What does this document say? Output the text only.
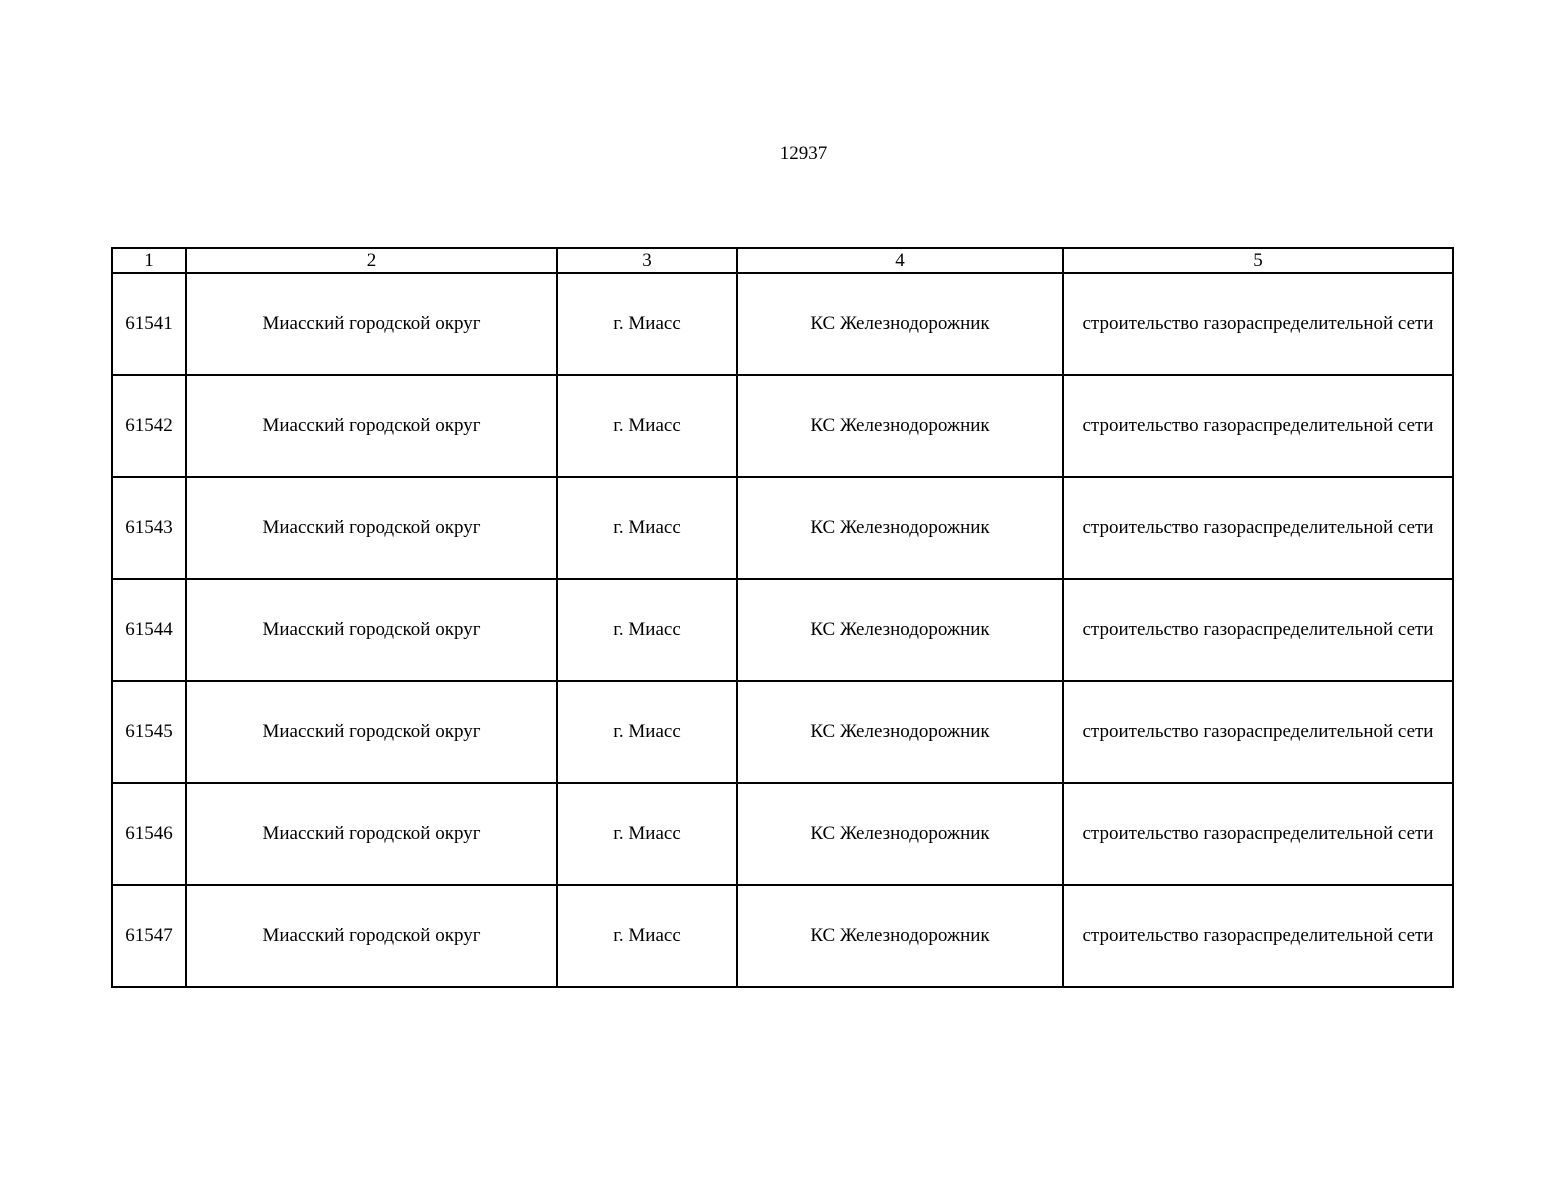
12937
1	2	3	4	5
61541	Миасский городской округ	г. Миасс	КС Железнодорожник	строительство газораспределительной сети
61542	Миасский городской округ	г. Миасс	КС Железнодорожник	строительство газораспределительной сети
61543	Миасский городской округ	г. Миасс	КС Железнодорожник	строительство газораспределительной сети
61544	Миасский городской округ	г. Миасс	КС Железнодорожник	строительство газораспределительной сети
61545	Миасский городской округ	г. Миасс	КС Железнодорожник	строительство газораспределительной сети
61546	Миасский городской округ	г. Миасс	КС Железнодорожник	строительство газораспределительной сети
61547	Миасский городской округ	г. Миасс	КС Железнодорожник	строительство газораспределительной сети
